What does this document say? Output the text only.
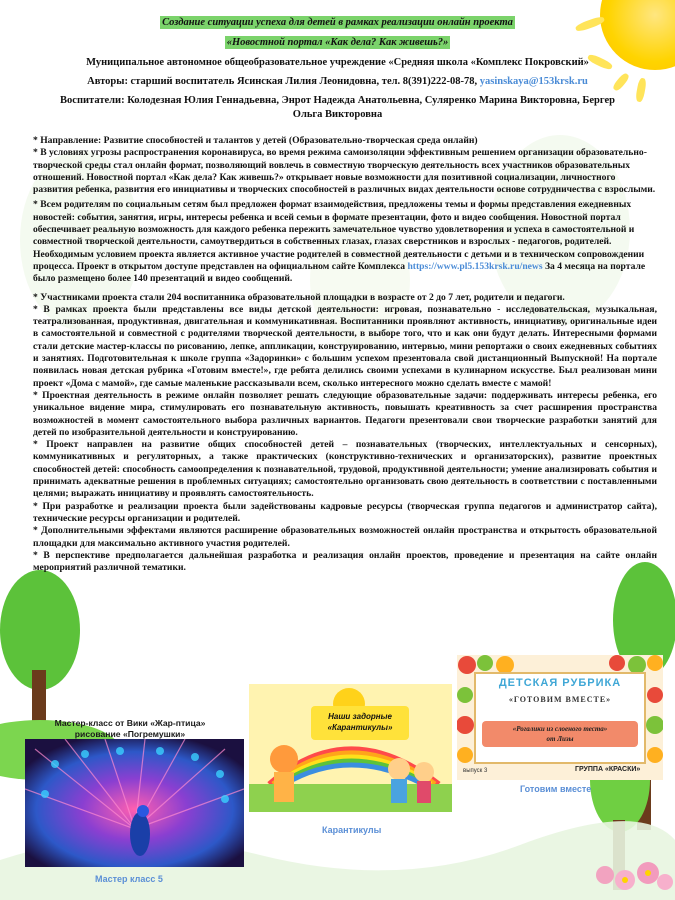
Создание ситуации успеха для детей в рамках реализации онлайн проекта
«Новостной портал «Как дела? Как живешь?»
Муниципальное автономное общеобразовательное учреждение «Средняя школа «Комплекс Покровский»
Авторы: старший воспитатель Ясинская Лилия Леонидовна, тел. 8(391)222-08-78, yasinskaya@153krsk.ru
Воспитатели: Колодезная Юлия Геннадьевна, Энрот Надежда Анатольевна, Суляренко Марина Викторовна, Бергер
Ольга Викторовна

* Направление: Развитие способностей и талантов у детей (Образовательно-творческая среда онлайн)

* В условиях угрозы распространения коронавируса, во время режима самоизоляции эффективным решением организации образовательно-творческой среды стал онлайн формат, позволяющий вовлечь в совместную творческую деятельность всех участников образовательных отношений. Новостной портал «Как дела? Как живешь?» открывает новые возможности для позитивной социализации, личностного развития ребенка, развития его инициативы и творческих способностей в различных видах деятельности основе сотрудничества с взрослыми.

* Всем родителям по социальным сетям был предложен формат взаимодействия, предложены темы и формы представления ежедневных новостей: события, занятия, игры, интересы ребенка и всей семьи в формате презентации, фото и видео сообщения. Новостной портал обеспечивает реальную возможность для каждого ребенка пережить замечательное чувство удовлетворения и успеха в самостоятельной и совместной творческой деятельности, самоутвердиться в собственных глазах, глазах сверстников и взрослых - педагогов, родителей. Необходимым условием проекта является активное участие родителей в совместной деятельности с детьми и в техническом сопровождении процесса. Проект в открытом доступе представлен на официальном сайте Комплекса https://www.pl5.153krsk.ru/news За 4 месяца на портале было размещено более 140 презентаций и видео сообщений.

* Участниками проекта стали 204 воспитанника образовательной площадки в возрасте от 2 до 7 лет, родители и педагоги.

* В рамках проекта были представлены все виды детской деятельности: игровая, познавательно - исследовательская, музыкальная, театрализованная, продуктивная, двигательная и коммуникативная. Воспитанники проявляют активность, инициативу, оригинальные идеи в самостоятельной и совместной с родителями творческой деятельности, в выборе того, что и как они будут делать. Интересными формами стали детские мастер-классы по рисованию, лепке, аппликации, конструированию, интервью, мини репортажи о своих ежедневных событиях и занятиях. Подготовительная к школе группа «Задоринки» с большим успехом презентовала свой дистанционный Выпускной! На портале появилась новая детская рубрика «Готовим вместе!», где ребята делились своими успехами в кулинарном искусстве. Был реализован мини проект «Дома с мамой», где самые маленькие рассказывали всем, сколько интересного можно сделать вместе с мамой!

* Проектная деятельность в режиме онлайн позволяет решать следующие образовательные задачи: поддерживать интересы ребенка, его уникальное видение мира, стимулировать его познавательную активность, повышать креативность за счет расширения пространства возможностей в момент самостоятельного выбора различных вариантов. Педагоги презентовали свои творческие разработки занятий для детей по изобразительной деятельности и конструированию.

* Проект направлен на развитие общих способностей детей – познавательных (творческих, интеллектуальных и сенсорных), коммуникативных и регуляторных, а также практических (конструктивно-технических и организаторских), развитие проектных способностей детей: способность самоопределения к познавательной, трудовой, продуктивной деятельности; умение анализировать события и принимать адекватные решения в проблемных ситуациях; самостоятельно организовать свою деятельность в соответствии с поставленными целями; выражать инициативу и проявлять самостоятельность.

* При разработке и реализации проекта были задействованы кадровые ресурсы (творческая группа педагогов и администратор сайта), технические ресурсы организации и родителей.

* Дополнительными эффектами являются расширение образовательных возможностей онлайн пространства и открытость образовательной площадки для максимально активного участия родителей.

* В перспективе предполагается дальнейшая разработка и реализация онлайн проектов, проведение и презентация на сайте онлайн мероприятий различной тематики.

Мастер-класс от Вики «Жар-птица»
рисование «Погремушки»
Мастер класс 5
Наши задорные
«Карантикулы»
Карантикулы
ДЕТСКАЯ РУБРИКА
«ГОТОВИМ ВМЕСТЕ»
«Рогалики из слоеного теста»
от Лизы
выпуск 3	ГРУППА «КРАСКИ»
Готовим вместе
